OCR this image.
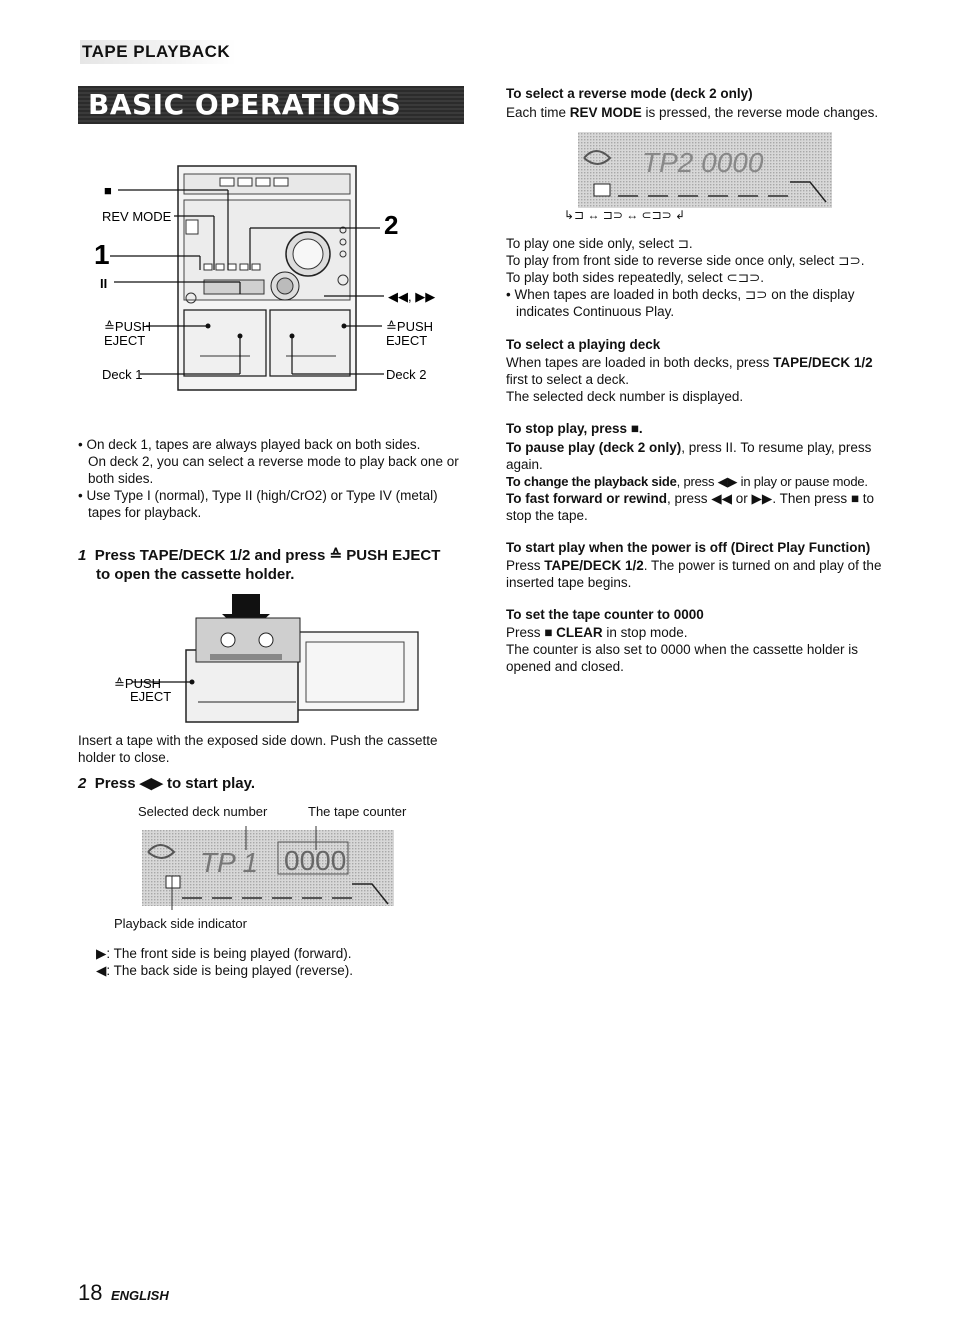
TAPE PLAYBACK
BASIC OPERATIONS
■
REV MODE
1
II
2
◀◀, ▶▶
≙PUSH
EJECT
≙PUSH
EJECT
Deck 1	Deck 2
• On deck 1, tapes are always played back on both sides.
On deck 2, you can select a reverse mode to play back one or
both sides.
• Use Type I (normal), Type II (high/CrO2) or Type IV (metal)
tapes for playback.
1 Press TAPE/DECK 1/2 and press ≙ PUSH EJECT
to open the cassette holder.
≙PUSH
EJECT
Insert a tape with the exposed side down. Push the cassette
holder to close.
2 Press ◀▶ to start play.
Selected deck number	The tape counter
TP 1 0000
Playback side indicator
▶: The front side is being played (forward).
◀: The back side is being played (reverse).
To select a reverse mode (deck 2 only)
Each time REV MODE is pressed, the reverse mode changes.
TP2 0000
↳⊐ ↔ ⊐⊃ ↔ ⊂⊐⊃ ↲
To play one side only, select ⊐.
To play from front side to reverse side once only, select ⊐⊃.
To play both sides repeatedly, select ⊂⊐⊃.
• When tapes are loaded in both decks, ⊐⊃ on the display
indicates Continuous Play.
To select a playing deck
When tapes are loaded in both decks, press TAPE/DECK 1/2
first to select a deck.
The selected deck number is displayed.
To stop play, press ■.
To pause play (deck 2 only), press II. To resume play, press
again.
To change the playback side, press ◀▶ in play or pause mode.
To fast forward or rewind, press ◀◀ or ▶▶. Then press ■ to
stop the tape.
To start play when the power is off (Direct Play Function)
Press TAPE/DECK 1/2. The power is turned on and play of the
inserted tape begins.
To set the tape counter to 0000
Press ■ CLEAR in stop mode.
The counter is also set to 0000 when the cassette holder is
opened and closed.
18 ENGLISH
